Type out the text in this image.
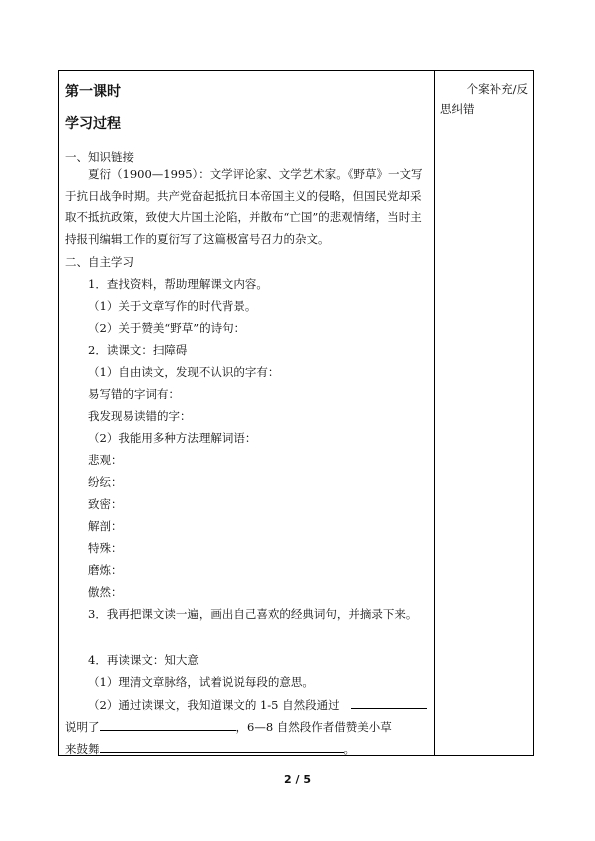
个案补充/反
思纠错
第一课时
学习过程
一、知识链接
夏衍（1900—1995）：文学评论家、文学艺术家。《野草》一文写于抗日战争时期。共产党奋起抵抗日本帝国主义的侵略，但国民党却采取不抵抗政策，致使大片国土沦陷，并散布“亡国”的悲观情绪，当时主持报刊编辑工作的夏衍写了这篇极富号召力的杂文。
二、自主学习
1．查找资料，帮助理解课文内容。
（1）关于文章写作的时代背景。
（2）关于赞美“野草”的诗句：
2．读课文：扫障碍
（1）自由读文，发现不认识的字有：
易写错的字词有：
我发现易读错的字：
（2）我能用多种方法理解词语：
悲观：
纷纭：
致密：
解剖：
特殊：
磨炼：
傲然：
3．我再把课文读一遍，画出自己喜欢的经典词句，并摘录下来。
4．再读课文：知大意
（1）理清文章脉络，试着说说每段的意思。
（2）通过读课文，我知道课文的 1-5 自然段通过
说明了	，6—8 自然段作者借赞美小草
来鼓舞	。
2 / 5
